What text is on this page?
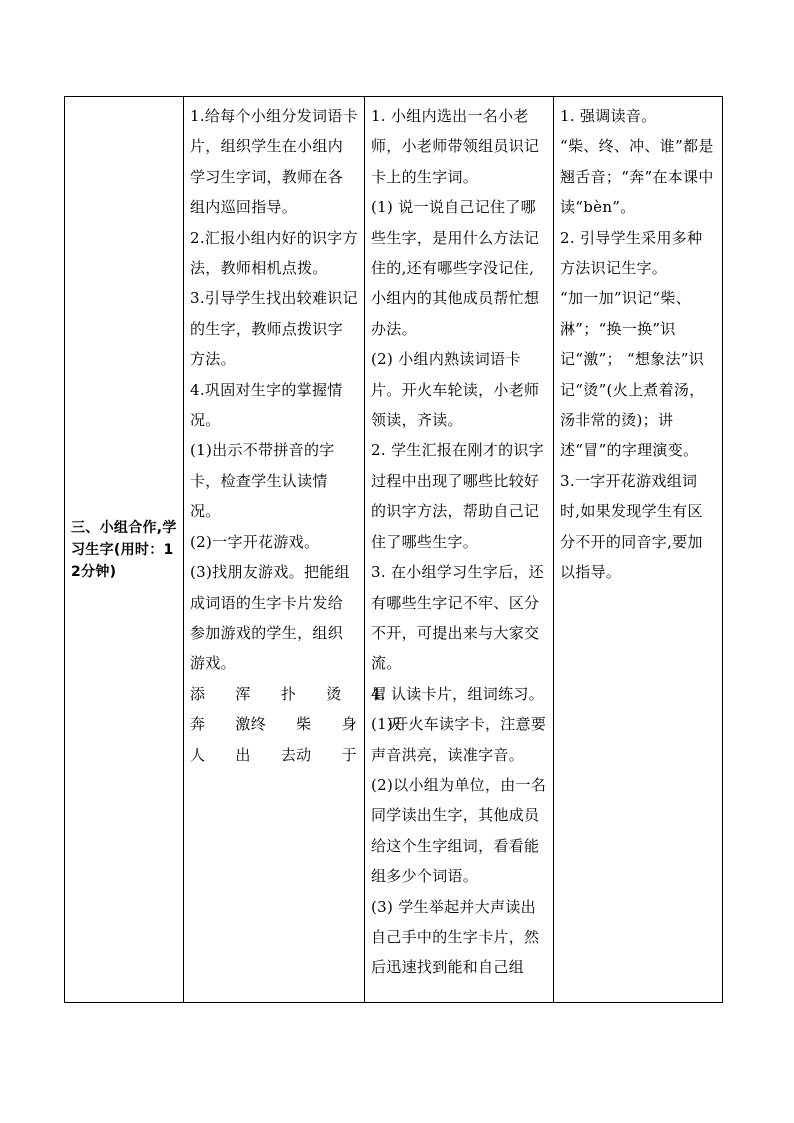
三、小组合作,学习生字(用时：12分钟)	
1.给每个小组分发词语卡片，组织学生在小组内学习生字词，教师在各组内巡回指导。
2.汇报小组内好的识字方法，教师相机点拨。
3.引导学生找出较难识记的生字，教师点拨识字方法。
4.巩固对生字的掌握情况。
(1)出示不带拼音的字卡，检查学生认读情况。
(2)一字开花游戏。
(3)找朋友游戏。把能组成词语的生字卡片发给参加游戏的学生，组织游戏。
添  浑  扑  烫  冒
奔  激终  柴  身  灭
人  出  去动  于

1. 小组内选出一名小老师，小老师带领组员识记卡上的生字词。
(1) 说一说自己记住了哪些生字，是用什么方法记住的,还有哪些字没记住,小组内的其他成员帮忙想办法。
(2) 小组内熟读词语卡片。开火车轮读，小老师领读，齐读。
2. 学生汇报在刚才的识字过程中出现了哪些比较好的识字方法，帮助自己记住了哪些生字。
3. 在小组学习生字后，还有哪些生字记不牢、区分不开，可提出来与大家交流。
4. 认读卡片，组词练习。
(1)开火车读字卡，注意要声音洪亮，读准字音。
(2)以小组为单位，由一名同学读出生字，其他成员给这个生字组词，看看能组多少个词语。
(3) 学生举起并大声读出自己手中的生字卡片，然后迅速找到能和自己组

1. 强调读音。
“柴、终、冲、谁”都是翘舌音；“奔”在本课中读“bèn”。
2. 引导学生采用多种方法识记生字。
“加一加”识记“柴、淋”；“换一换”识记“激”； “想象法”识记“烫”(火上煮着汤，汤非常的烫)；讲述“冒”的字理演变。
3.一字开花游戏组词时,如果发现学生有区分不开的同音字,要加以指导。
